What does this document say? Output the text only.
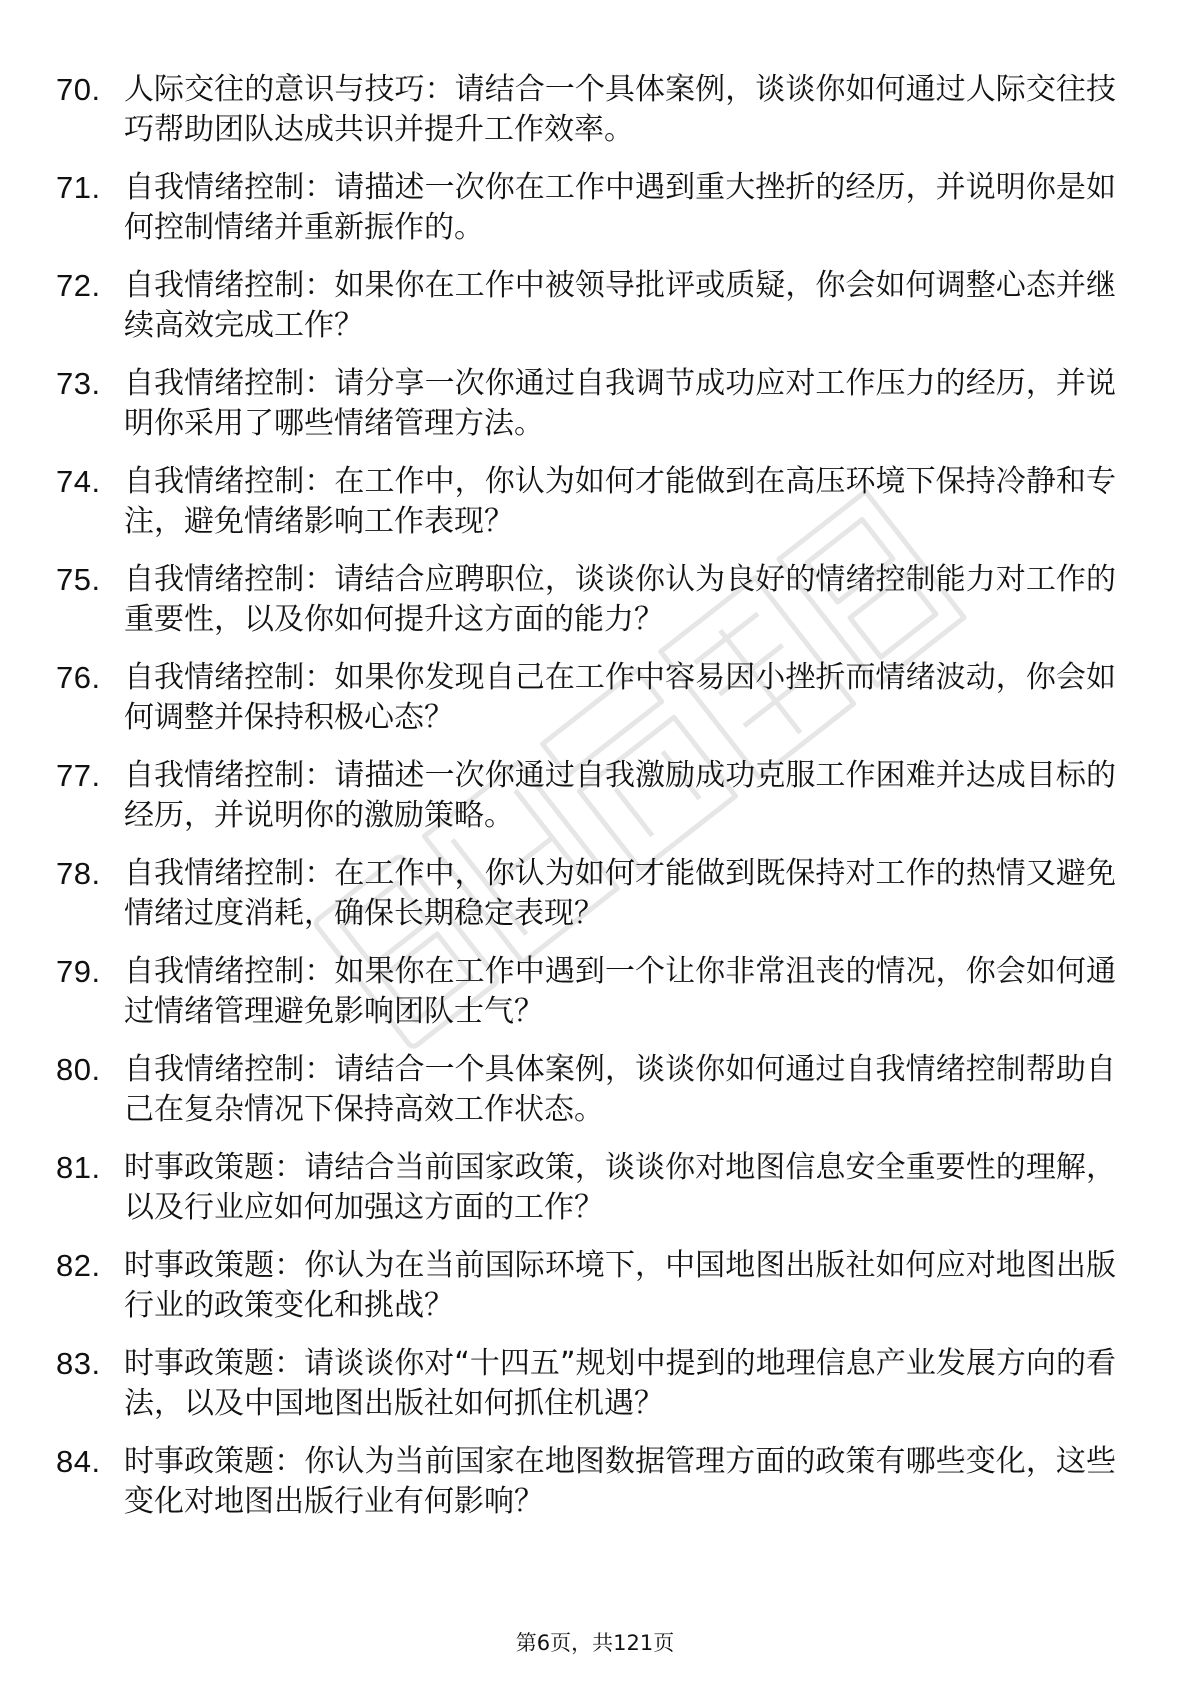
70. 人际交往的意识与技巧：请结合一个具体案例，谈谈你如何通过人际交往技巧帮助团队达成共识并提升工作效率。
71. 自我情绪控制：请描述一次你在工作中遇到重大挫折的经历，并说明你是如何控制情绪并重新振作的。
72. 自我情绪控制：如果你在工作中被领导批评或质疑，你会如何调整心态并继续高效完成工作？
73. 自我情绪控制：请分享一次你通过自我调节成功应对工作压力的经历，并说明你采用了哪些情绪管理方法。
74. 自我情绪控制：在工作中，你认为如何才能做到在高压环境下保持冷静和专注，避免情绪影响工作表现？
75. 自我情绪控制：请结合应聘职位，谈谈你认为良好的情绪控制能力对工作的重要性，以及你如何提升这方面的能力？
76. 自我情绪控制：如果你发现自己在工作中容易因小挫折而情绪波动，你会如何调整并保持积极心态？
77. 自我情绪控制：请描述一次你通过自我激励成功克服工作困难并达成目标的经历，并说明你的激励策略。
78. 自我情绪控制：在工作中，你认为如何才能做到既保持对工作的热情又避免情绪过度消耗，确保长期稳定表现？
79. 自我情绪控制：如果你在工作中遇到一个让你非常沮丧的情况，你会如何通过情绪管理避免影响团队士气？
80. 自我情绪控制：请结合一个具体案例，谈谈你如何通过自我情绪控制帮助自己在复杂情况下保持高效工作状态。
81. 时事政策题：请结合当前国家政策，谈谈你对地图信息安全重要性的理解，以及行业应如何加强这方面的工作？
82. 时事政策题：你认为在当前国际环境下，中国地图出版社如何应对地图出版行业的政策变化和挑战？
83. 时事政策题：请谈谈你对“十四五”规划中提到的地理信息产业发展方向的看法，以及中国地图出版社如何抓住机遇？
84. 时事政策题：你认为当前国家在地图数据管理方面的政策有哪些变化，这些变化对地图出版行业有何影响？
第6页，共121页
